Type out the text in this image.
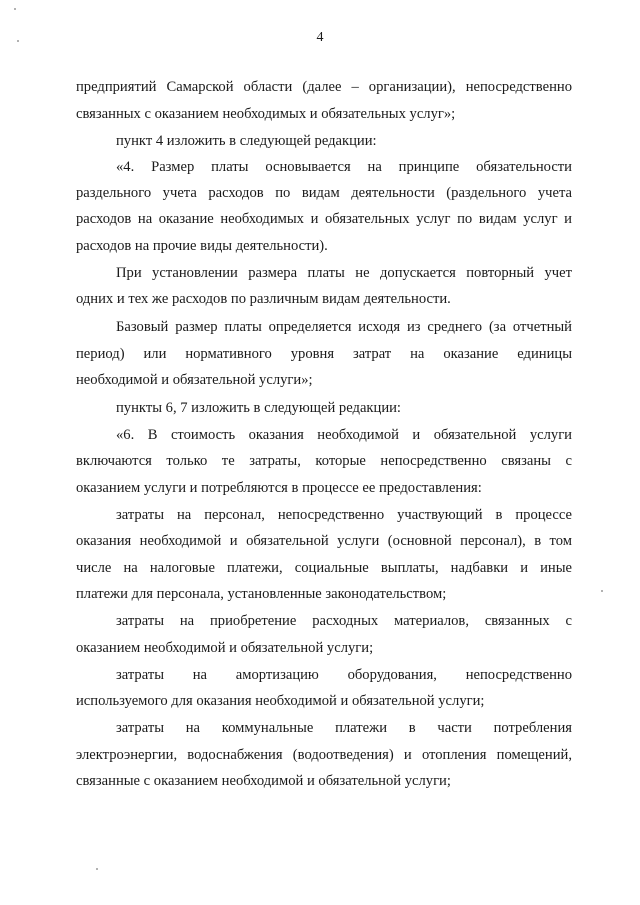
4
предприятий Самарской области (далее – организации), непосредственно
связанных с оказанием необходимых и обязательных услуг»;
пункт 4 изложить в следующей редакции:
«4. Размер платы основывается на принципе обязательности
раздельного учета расходов по видам деятельности (раздельного учета
расходов на оказание необходимых и обязательных услуг по видам услуг и
расходов на прочие виды деятельности).
При установлении размера платы не допускается повторный учет
одних и тех же расходов по различным видам деятельности.
Базовый размер платы определяется исходя из среднего (за отчетный
период) или нормативного уровня затрат на оказание единицы
необходимой и обязательной услуги»;
пункты 6, 7 изложить в следующей редакции:
«6. В стоимость оказания необходимой и обязательной услуги
включаются только те затраты, которые непосредственно связаны с
оказанием услуги и потребляются в процессе ее предоставления:
затраты на персонал, непосредственно участвующий в процессе
оказания необходимой и обязательной услуги (основной персонал), в том
числе на налоговые платежи, социальные выплаты, надбавки и иные
платежи для персонала, установленные законодательством;
затраты на приобретение расходных материалов, связанных с
оказанием необходимой и обязательной услуги;
затраты на амортизацию оборудования, непосредственно
используемого для оказания необходимой и обязательной услуги;
затраты на коммунальные платежи в части потребления
электроэнергии, водоснабжения (водоотведения) и отопления помещений,
связанные с оказанием необходимой и обязательной услуги;
